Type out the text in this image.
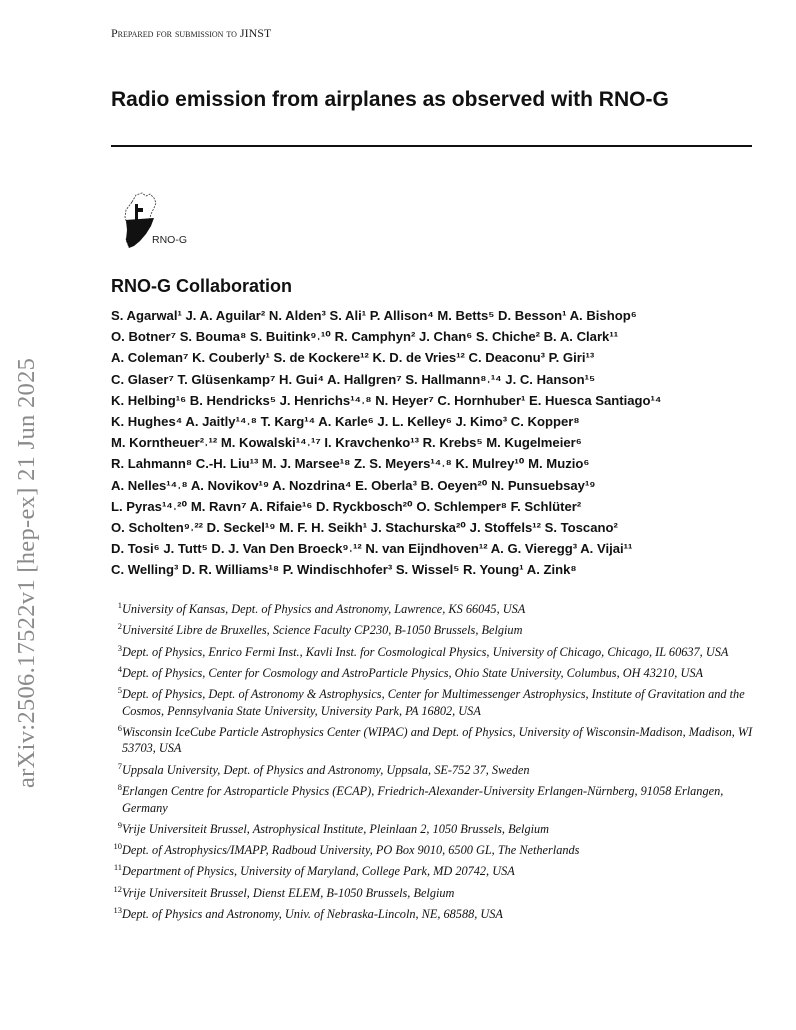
arXiv:2506.17522v1 [hep-ex] 21 Jun 2025
Prepared for submission to JINST
Radio emission from airplanes as observed with RNO-G
RNO-G
RNO-G Collaboration
S. Agarwal¹ J. A. Aguilar² N. Alden³ S. Ali¹ P. Allison⁴ M. Betts⁵ D. Besson¹ A. Bishop⁶
O. Botner⁷ S. Bouma⁸ S. Buitink⁹˒¹⁰ R. Camphyn² J. Chan⁶ S. Chiche² B. A. Clark¹¹
A. Coleman⁷ K. Couberly¹ S. de Kockere¹² K. D. de Vries¹² C. Deaconu³ P. Giri¹³
C. Glaser⁷ T. Glüsenkamp⁷ H. Gui⁴ A. Hallgren⁷ S. Hallmann⁸˒¹⁴ J. C. Hanson¹⁵
K. Helbing¹⁶ B. Hendricks⁵ J. Henrichs¹⁴˒⁸ N. Heyer⁷ C. Hornhuber¹ E. Huesca Santiago¹⁴
K. Hughes⁴ A. Jaitly¹⁴˒⁸ T. Karg¹⁴ A. Karle⁶ J. L. Kelley⁶ J. Kimo³ C. Kopper⁸
M. Korntheuer²˒¹² M. Kowalski¹⁴˒¹⁷ I. Kravchenko¹³ R. Krebs⁵ M. Kugelmeier⁶
R. Lahmann⁸ C.-H. Liu¹³ M. J. Marsee¹⁸ Z. S. Meyers¹⁴˒⁸ K. Mulrey¹⁰ M. Muzio⁶
A. Nelles¹⁴˒⁸ A. Novikov¹⁹ A. Nozdrina⁴ E. Oberla³ B. Oeyen²⁰ N. Punsuebsay¹⁹
L. Pyras¹⁴˒²⁰ M. Ravn⁷ A. Rifaie¹⁶ D. Ryckbosch²⁰ O. Schlemper⁸ F. Schlüter²
O. Scholten⁹˒²² D. Seckel¹⁹ M. F. H. Seikh¹ J. Stachurska²⁰ J. Stoffels¹² S. Toscano²
D. Tosi⁶ J. Tutt⁵ D. J. Van Den Broeck⁹˒¹² N. van Eijndhoven¹² A. G. Vieregg³ A. Vijai¹¹
C. Welling³ D. R. Williams¹⁸ P. Windischhofer³ S. Wissel⁵ R. Young¹ A. Zink⁸
1 University of Kansas, Dept. of Physics and Astronomy, Lawrence, KS 66045, USA
2 Université Libre de Bruxelles, Science Faculty CP230, B-1050 Brussels, Belgium
3 Dept. of Physics, Enrico Fermi Inst., Kavli Inst. for Cosmological Physics, University of Chicago, Chicago, IL 60637, USA
4 Dept. of Physics, Center for Cosmology and AstroParticle Physics, Ohio State University, Columbus, OH 43210, USA
5 Dept. of Physics, Dept. of Astronomy & Astrophysics, Center for Multimessenger Astrophysics, Institute of Gravitation and the Cosmos, Pennsylvania State University, University Park, PA 16802, USA
6 Wisconsin IceCube Particle Astrophysics Center (WIPAC) and Dept. of Physics, University of Wisconsin-Madison, Madison, WI 53703, USA
7 Uppsala University, Dept. of Physics and Astronomy, Uppsala, SE-752 37, Sweden
8 Erlangen Centre for Astroparticle Physics (ECAP), Friedrich-Alexander-University Erlangen-Nürnberg, 91058 Erlangen, Germany
9 Vrije Universiteit Brussel, Astrophysical Institute, Pleinlaan 2, 1050 Brussels, Belgium
10 Dept. of Astrophysics/IMAPP, Radboud University, PO Box 9010, 6500 GL, The Netherlands
11 Department of Physics, University of Maryland, College Park, MD 20742, USA
12 Vrije Universiteit Brussel, Dienst ELEM, B-1050 Brussels, Belgium
13 Dept. of Physics and Astronomy, Univ. of Nebraska-Lincoln, NE, 68588, USA
